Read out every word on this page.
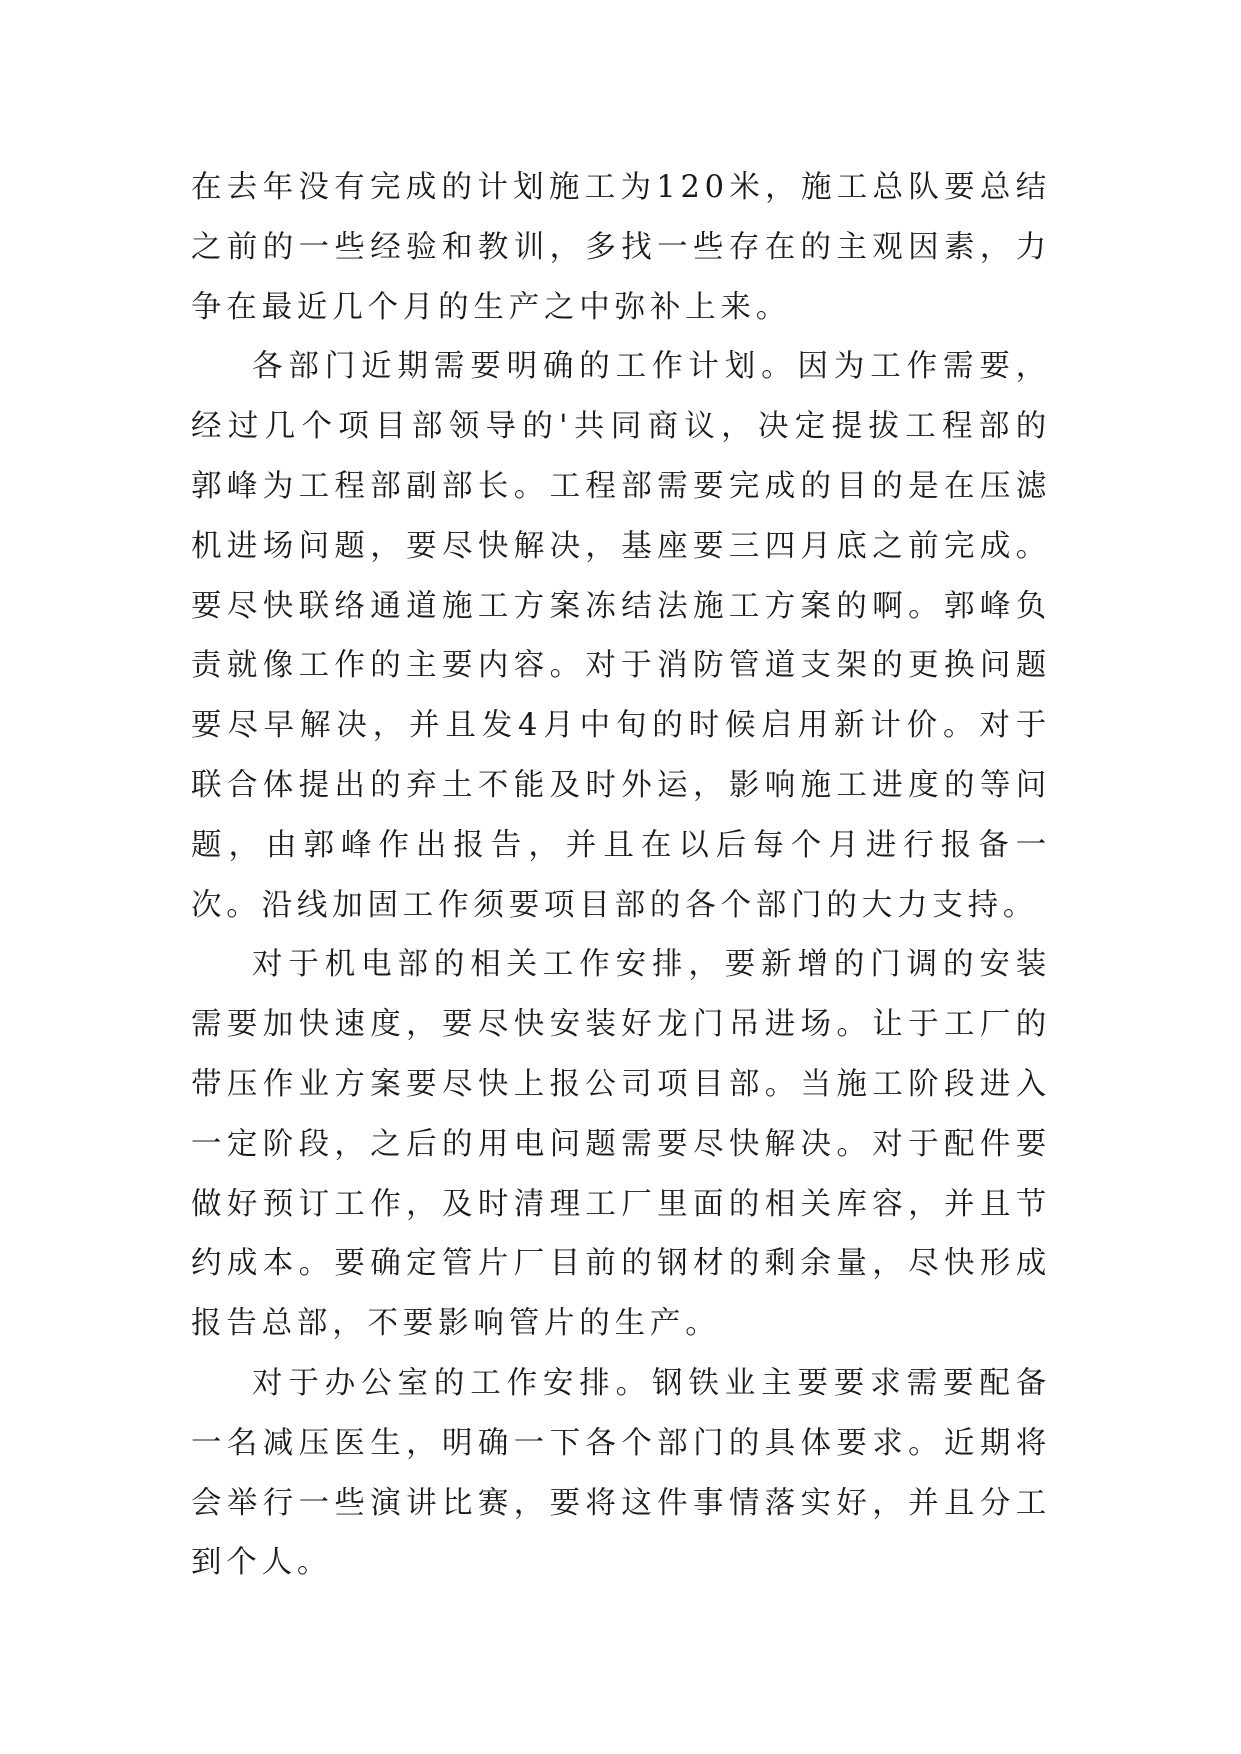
在去年没有完成的计划施工为120米，施工总队要总结之前的一些经验和教训，多找一些存在的主观因素，力争在最近几个月的生产之中弥补上来。

各部门近期需要明确的工作计划。因为工作需要，经过几个项目部领导的'共同商议，决定提拔工程部的郭峰为工程部副部长。工程部需要完成的目的是在压滤机进场问题，要尽快解决，基座要三四月底之前完成。要尽快联络通道施工方案冻结法施工方案的啊。郭峰负责就像工作的主要内容。对于消防管道支架的更换问题要尽早解决，并且发4月中旬的时候启用新计价。对于联合体提出的弃土不能及时外运，影响施工进度的等问题，由郭峰作出报告，并且在以后每个月进行报备一次。沿线加固工作须要项目部的各个部门的大力支持。

对于机电部的相关工作安排，要新增的门调的安装需要加快速度，要尽快安装好龙门吊进场。让于工厂的带压作业方案要尽快上报公司项目部。当施工阶段进入一定阶段，之后的用电问题需要尽快解决。对于配件要做好预订工作，及时清理工厂里面的相关库容，并且节约成本。要确定管片厂目前的钢材的剩余量，尽快形成报告总部，不要影响管片的生产。

对于办公室的工作安排。钢铁业主要要求需要配备一名减压医生，明确一下各个部门的具体要求。近期将会举行一些演讲比赛，要将这件事情落实好，并且分工到个人。
